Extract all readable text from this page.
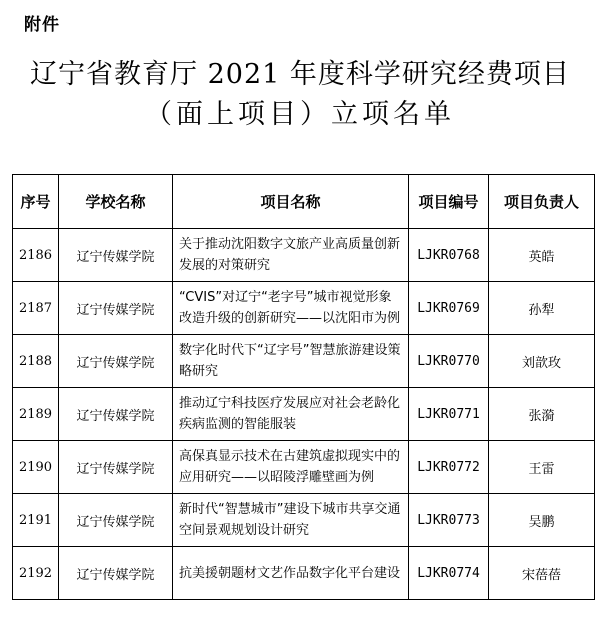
附件
辽宁省教育厅 2021 年度科学研究经费项目
（面上项目）立项名单
序号	学校名称	项目名称	项目编号	项目负责人
2186	辽宁传媒学院	关于推动沈阳数字文旅产业高质量创新发展的对策研究	LJKR0768	英皓
2187	辽宁传媒学院	“CVIS”对辽宁“老字号”城市视觉形象改造升级的创新研究——以沈阳市为例	LJKR0769	孙犁
2188	辽宁传媒学院	数字化时代下“辽字号”智慧旅游建设策略研究	LJKR0770	刘歆玫
2189	辽宁传媒学院	推动辽宁科技医疗发展应对社会老龄化疾病监测的智能服装	LJKR0771	张漪
2190	辽宁传媒学院	高保真显示技术在古建筑虚拟现实中的应用研究——以昭陵浮雕壁画为例	LJKR0772	王雷
2191	辽宁传媒学院	新时代“智慧城市”建设下城市共享交通空间景观规划设计研究	LJKR0773	吴鹏
2192	辽宁传媒学院	抗美援朝题材文艺作品数字化平台建设	LJKR0774	宋蓓蓓
